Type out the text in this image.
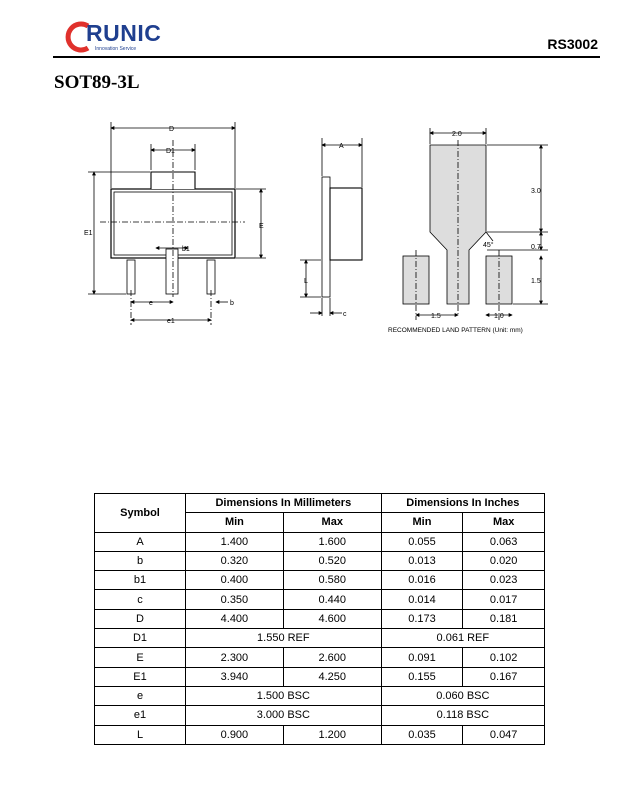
RUNIC
Innovation Service	RS3002
SOT89-3L
D
D1
E1
E
b1
e	b
e1
A
L
c
2.0
3.0
45°	0.7
1.5
1.5	1.0
RECOMMENDED LAND PATTERN (Unit: mm)
Symbol	Dimensions In Millimeters		Dimensions In Inches	
	Min	Max	Min	Max
A	1.400	1.600	0.055	0.063
b	0.320	0.520	0.013	0.020
b1	0.400	0.580	0.016	0.023
c	0.350	0.440	0.014	0.017
D	4.400	4.600	0.173	0.181
D1	1.550 REF		0.061 REF	
E	2.300	2.600	0.091	0.102
E1	3.940	4.250	0.155	0.167
e	1.500 BSC		0.060 BSC	
e1	3.000 BSC		0.118 BSC	
L	0.900	1.200	0.035	0.047
